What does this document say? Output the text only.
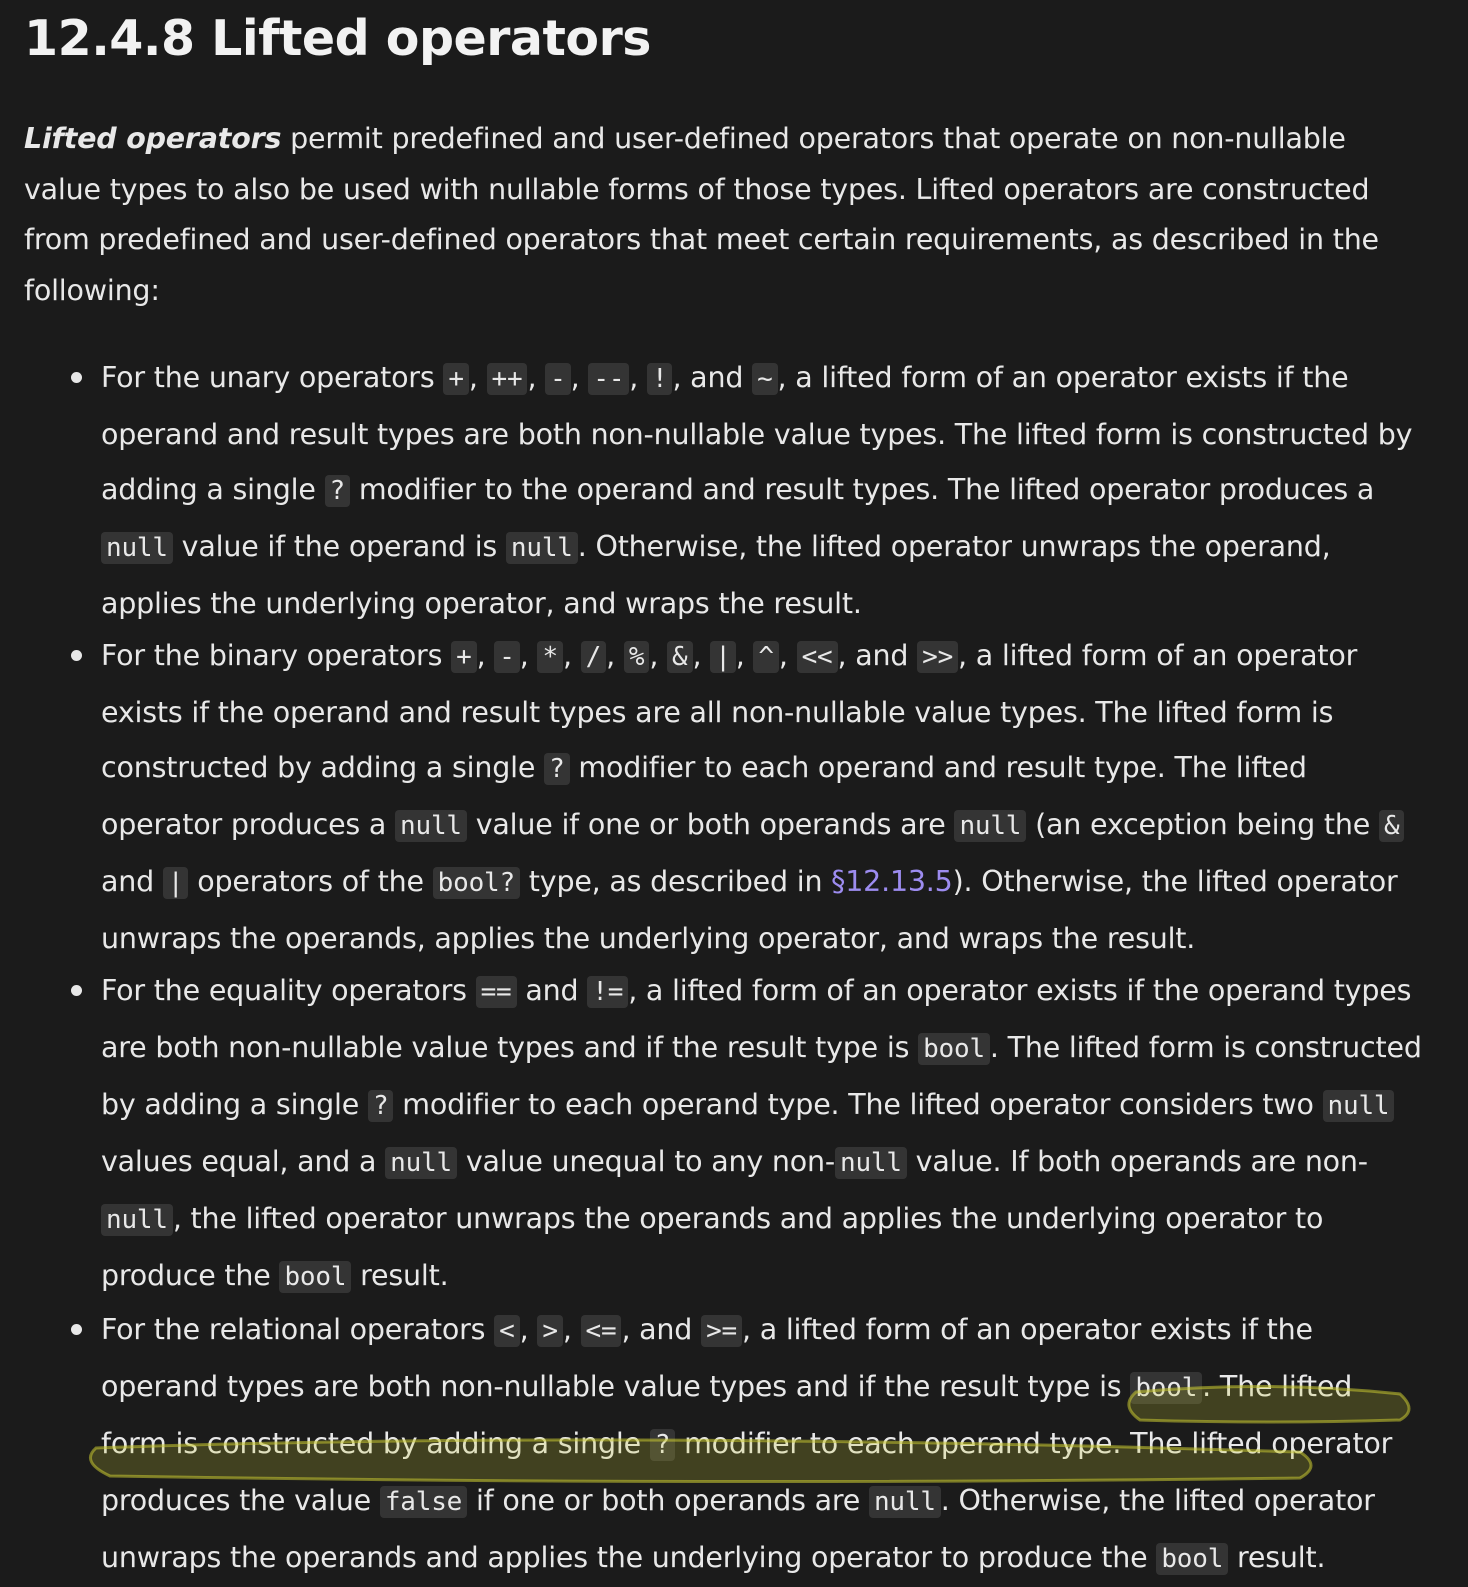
12.4.8 Lifted operators

Lifted operators permit predefined and user-defined operators that operate on non-nullable value types to also be used with nullable forms of those types. Lifted operators are constructed from predefined and user-defined operators that meet certain requirements, as described in the following:

For the unary operators + , ++ , - , -- , ! , and ~ , a lifted form of an operator exists if the operand and result types are both non-nullable value types. The lifted form is constructed by adding a single ? modifier to the operand and result types. The lifted operator produces a null value if the operand is null . Otherwise, the lifted operator unwraps the operand, applies the underlying operator, and wraps the result.
For the binary operators + , - , * , / , % , & , | , ^ , << , and >> , a lifted form of an operator exists if the operand and result types are all non-nullable value types. The lifted form is constructed by adding a single ? modifier to each operand and result type. The lifted operator produces a null value if one or both operands are null (an exception being the & and | operators of the bool? type, as described in §12.13.5). Otherwise, the lifted operator unwraps the operands, applies the underlying operator, and wraps the result.
For the equality operators == and != , a lifted form of an operator exists if the operand types are both non-nullable value types and if the result type is bool . The lifted form is constructed by adding a single ? modifier to each operand type. The lifted operator considers two null values equal, and a null value unequal to any non- null value. If both operands are non-null , the lifted operator unwraps the operands and applies the underlying operator to produce the bool result.
For the relational operators < , > , <= , and >= , a lifted form of an operator exists if the operand types are both non-nullable value types and if the result type is bool . The lifted form is constructed by adding a single ? modifier to each operand type. The lifted operator produces the value false if one or both operands are null . Otherwise, the lifted operator unwraps the operands and applies the underlying operator to produce the bool result.
